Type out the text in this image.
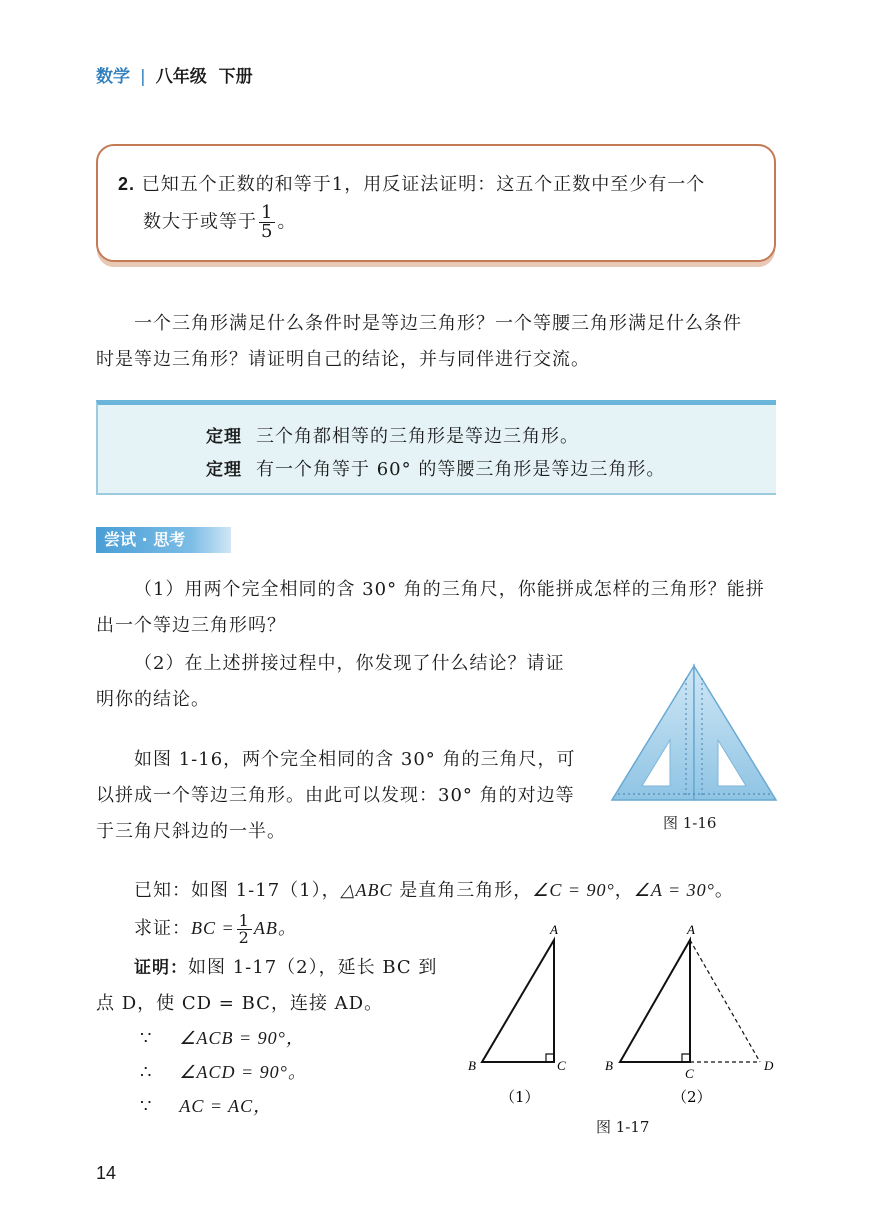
数学 | 八年级 下册
2. 已知五个正数的和等于1，用反证法证明：这五个正数中至少有一个
数大于或等于 $\frac{1}{5}$ 。
一个三角形满足什么条件时是等边三角形？一个等腰三角形满足什么条件
时是等边三角形？请证明自己的结论，并与同伴进行交流。
定理 三个角都相等的三角形是等边三角形。
定理 有一个角等于 60° 的等腰三角形是等边三角形。
尝试 · 思考
（1）用两个完全相同的含 30° 角的三角尺，你能拼成怎样的三角形？能拼
出一个等边三角形吗？
（2）在上述拼接过程中，你发现了什么结论？请证
明你的结论。
如图 1-16，两个完全相同的含 30° 角的三角尺，可
以拼成一个等边三角形。由此可以发现：30° 角的对边等
于三角尺斜边的一半。	图 1-16
已知：如图 1-17（1），△ABC 是直角三角形，∠C = 90°，∠A = 30°。
求证：BC = $\frac{1}{2}$ AB。
证明：如图 1-17（2），延长 BC 到
点 D，使 CD = BC，连接 AD。
∵ ∠ACB = 90°，
∴ ∠ACD = 90°。
∵ AC = AC，
A
B	C
（1）
A
B
C
D
（2）
图 1-17
14
